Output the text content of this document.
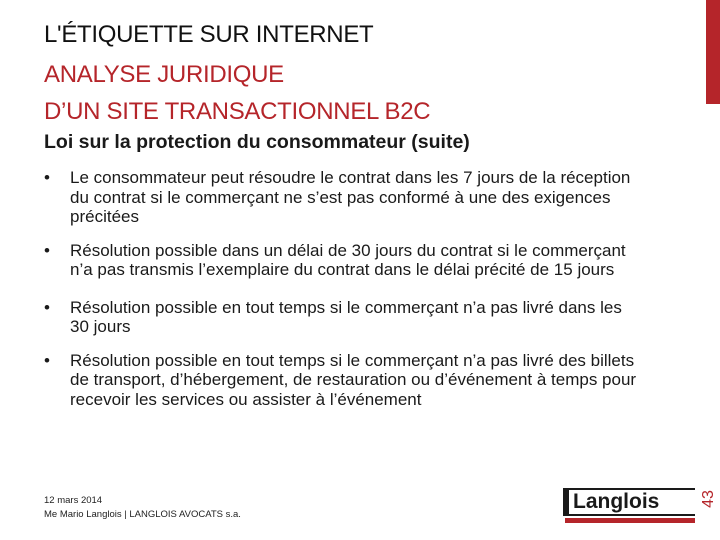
L'ÉTIQUETTE SUR INTERNET
ANALYSE JURIDIQUE
D’UN SITE TRANSACTIONNEL B2C
Loi sur la protection du consommateur (suite)
• Le consommateur peut résoudre le contrat dans les 7 jours de la réception du contrat si le commerçant ne s’est pas conformé à une des exigences précitées
• Résolution possible dans un délai de 30 jours du contrat si le commerçant n’a pas transmis l’exemplaire du contrat dans le délai précité de 15 jours
• Résolution possible en tout temps si le commerçant n’a pas livré dans les 30 jours
• Résolution possible en tout temps si le commerçant n’a pas livré des billets de transport, d’hébergement, de restauration ou d’événement à temps pour recevoir les services ou assister à l’événement
12 mars 2014
Me Mario Langlois | LANGLOIS AVOCATS s.a.
Langlois	43
